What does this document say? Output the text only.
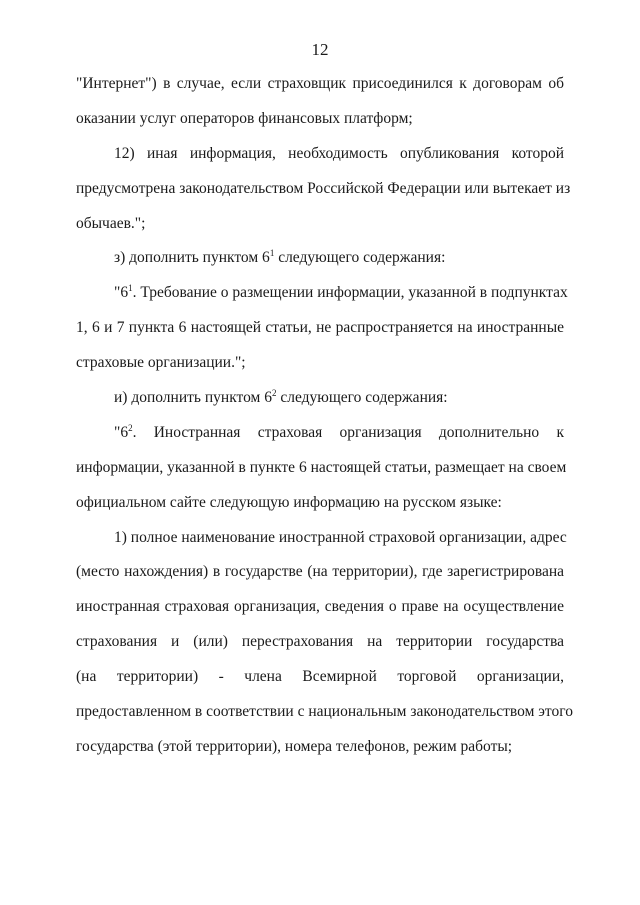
12
"Интернет") в случае, если страховщик присоединился к договорам об
оказании услуг операторов финансовых платформ;
12) иная информация, необходимость опубликования которой
предусмотрена законодательством Российской Федерации или вытекает из
обычаев.";
з) дополнить пунктом $6^1$ следующего содержания:
"$6^1$. Требование о размещении информации, указанной в подпунктах
1, 6 и 7 пункта 6 настоящей статьи, не распространяется на иностранные
страховые организации.";
и) дополнить пунктом $6^2$ следующего содержания:
"$6^2$. Иностранная страховая организация дополнительно к
информации, указанной в пункте 6 настоящей статьи, размещает на своем
официальном сайте следующую информацию на русском языке:
1) полное наименование иностранной страховой организации, адрес
(место нахождения) в государстве (на территории), где зарегистрирована
иностранная страховая организация, сведения о праве на осуществление
страхования и (или) перестрахования на территории государства
(на территории) - члена Всемирной торговой организации,
предоставленном в соответствии с национальным законодательством этого
государства (этой территории), номера телефонов, режим работы;
